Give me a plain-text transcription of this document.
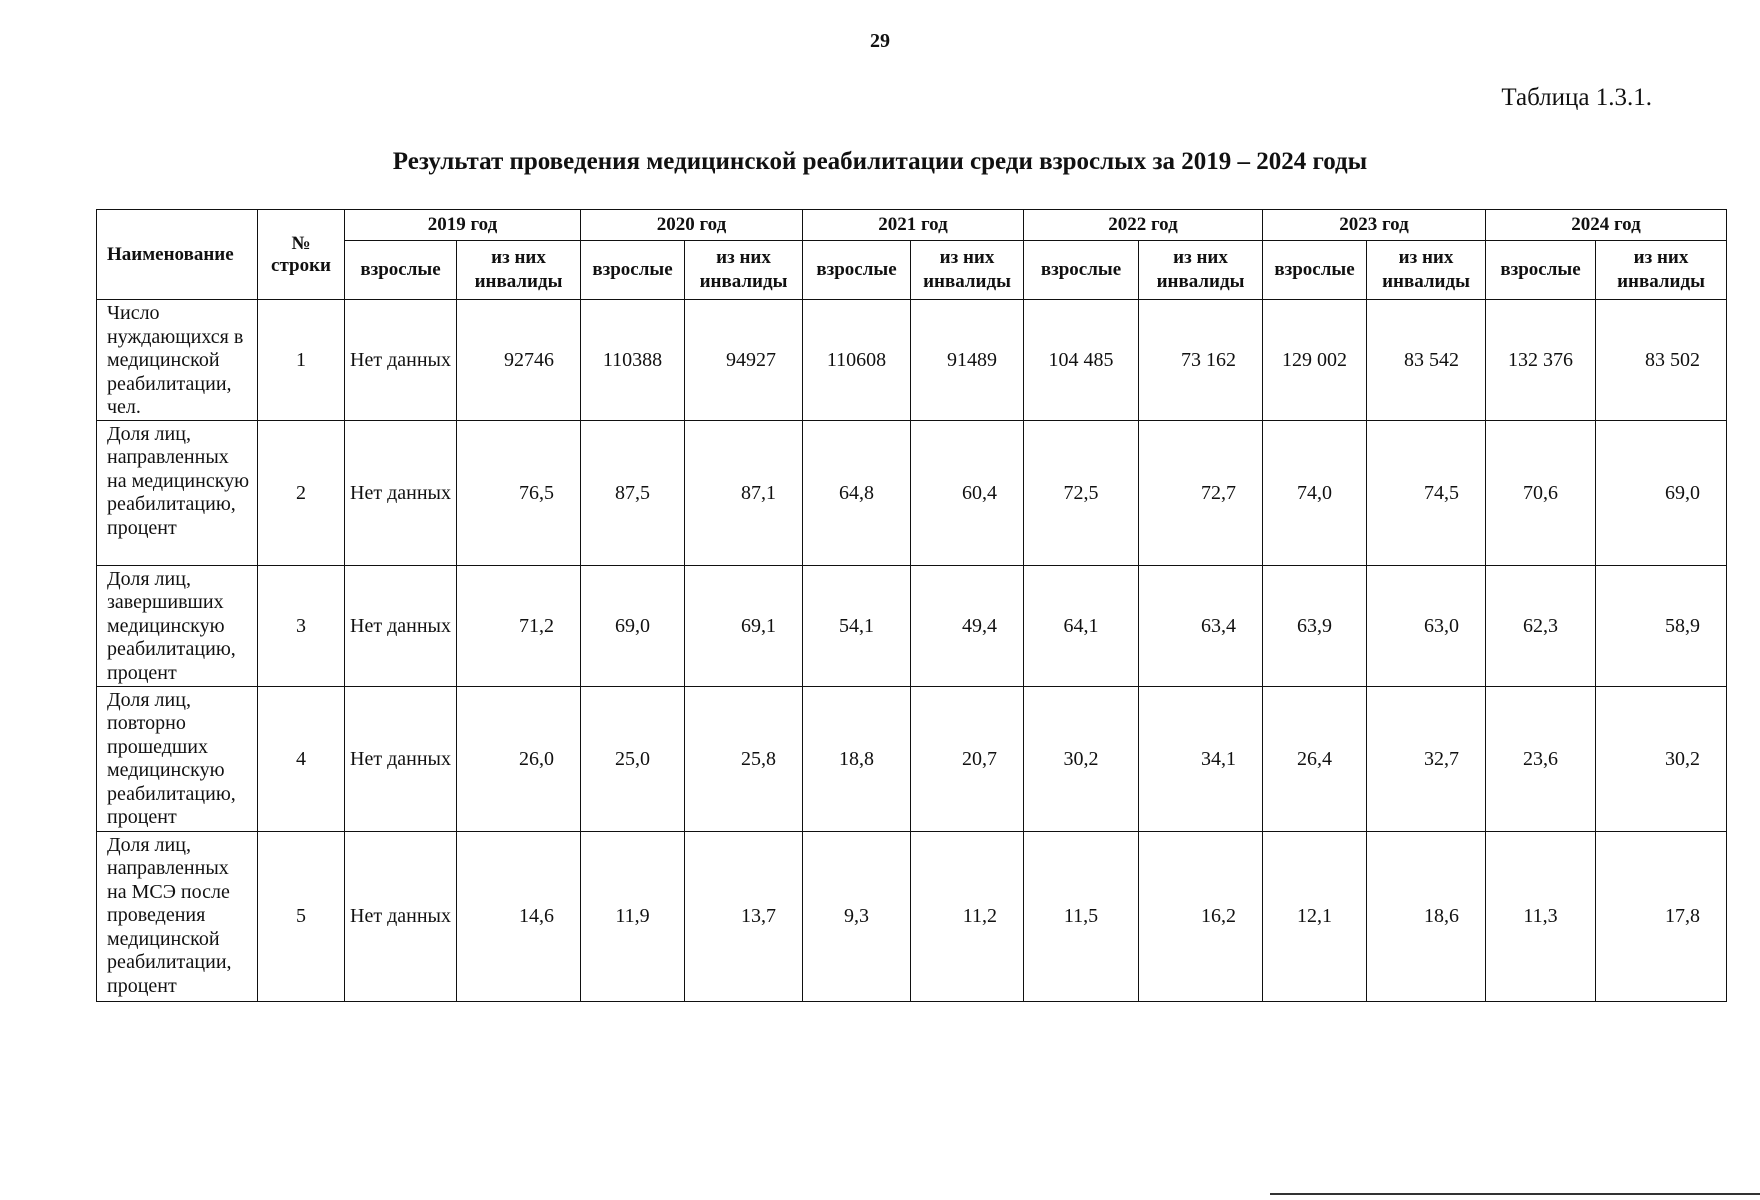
29
Таблица 1.3.1.
Результат проведения медицинской реабилитации среди взрослых за 2019 – 2024 годы
Наименование	№ строки	2019 год		2020 год		2021 год		2022 год		2023 год		2024 год	
		взрослые	из них инвалиды	взрослые	из них инвалиды	взрослые	из них инвалиды	взрослые	из них инвалиды	взрослые	из них инвалиды	взрослые	из них инвалиды
Число нуждающихся в медицинской реабилитации, чел.	1	Нет данных	92746	110388	94927	110608	91489	104 485	73 162	129 002	83 542	132 376	83 502
Доля лиц, направленных на медицинскую реабилитацию, процент	2	Нет данных	76,5	87,5	87,1	64,8	60,4	72,5	72,7	74,0	74,5	70,6	69,0
Доля лиц, завершивших медицинскую реабилитацию, процент	3	Нет данных	71,2	69,0	69,1	54,1	49,4	64,1	63,4	63,9	63,0	62,3	58,9
Доля лиц, повторно прошедших медицинскую реабилитацию, процент	4	Нет данных	26,0	25,0	25,8	18,8	20,7	30,2	34,1	26,4	32,7	23,6	30,2
Доля лиц, направленных на МСЭ после проведения медицинской реабилитации, процент	5	Нет данных	14,6	11,9	13,7	9,3	11,2	11,5	16,2	12,1	18,6	11,3	17,8
